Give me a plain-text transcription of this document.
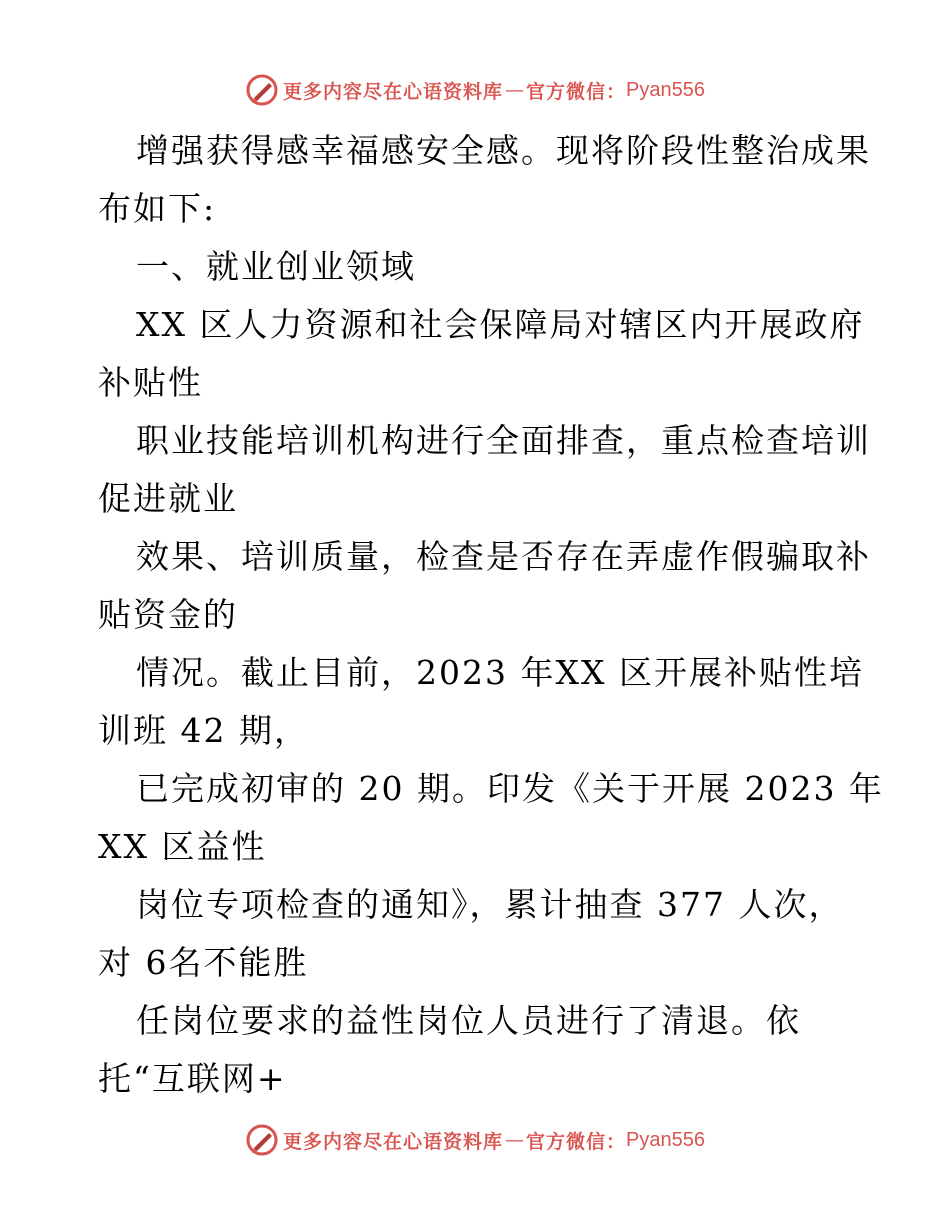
更多内容尽在心语资料库 — 官方微信： Pyan556
增强获得感幸福感安全感。现将阶段性整治成果
布如下:
一、就业创业领域
XX 区人力资源和社会保障局对辖区内开展政府
补贴性
职业技能培训机构进行全面排查，重点检查培训
促进就业
效果、培训质量，检查是否存在弄虚作假骗取补
贴资金的
情况。截止目前，2023 年XX 区开展补贴性培
训班 42 期，
已完成初审的 20 期。印发《关于开展 2023 年
XX 区益性
岗位专项检查的通知》，累计抽查 377 人次，
对 6名不能胜
任岗位要求的益性岗位人员进行了清退。依
托“互联网+
更多内容尽在心语资料库 — 官方微信： Pyan556
